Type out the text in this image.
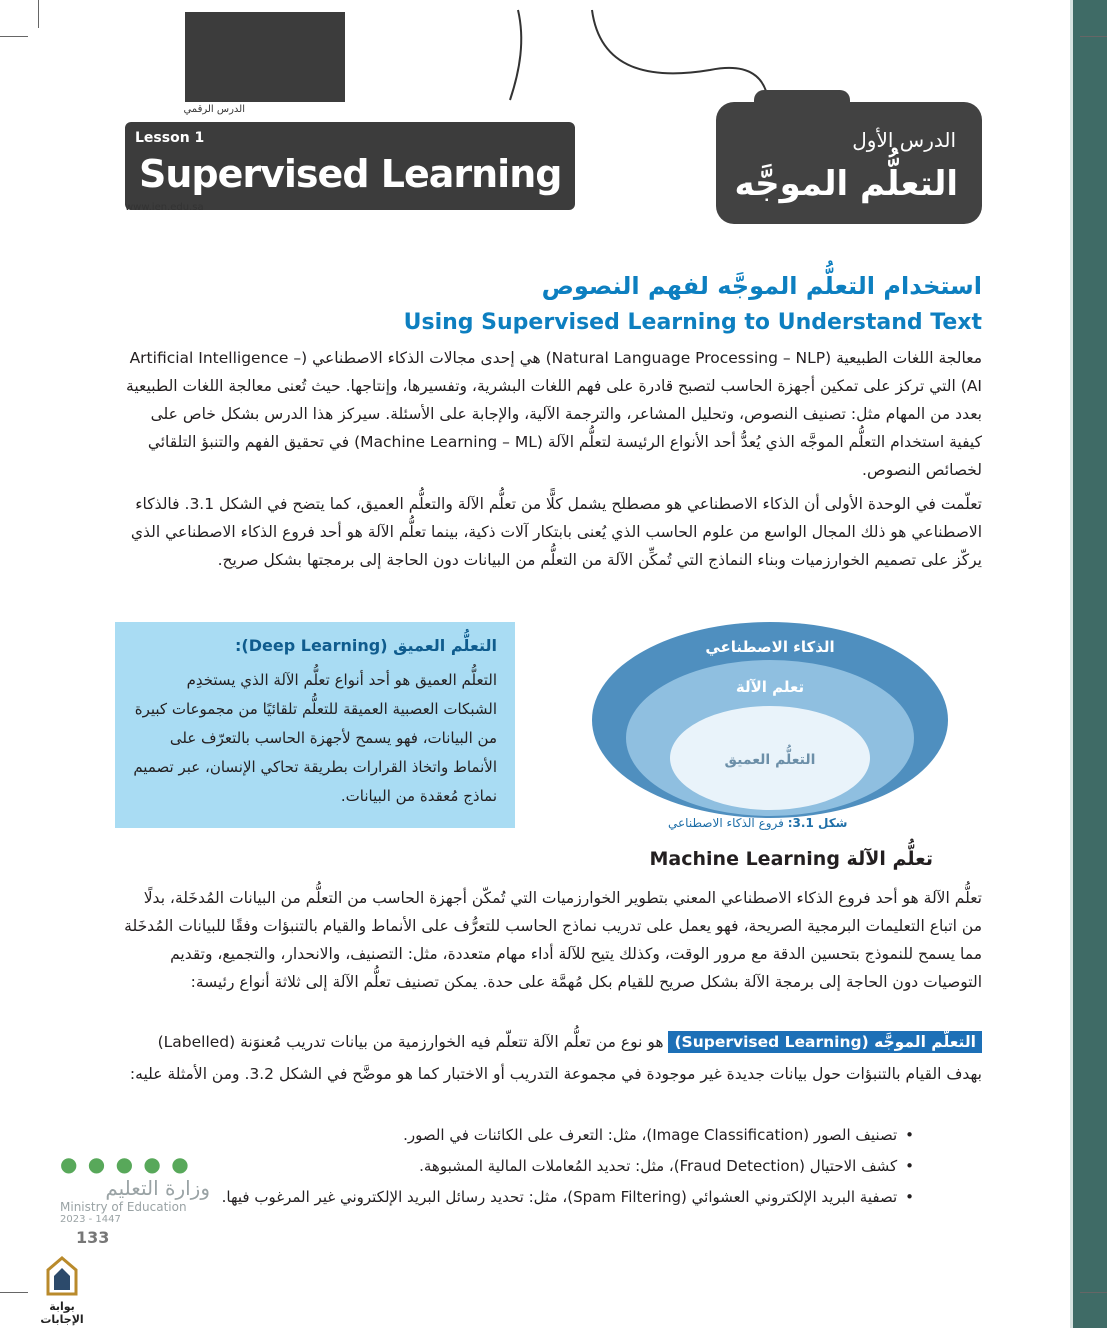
الدرس الرقمي
Lesson 1
Supervised Learning
www.ien.edu.sa
الدرس الأول
التعلُّم الموجَّه
استخدام التعلُّم الموجَّه لفهم النصوص
Using Supervised Learning to Understand Text
معالجة اللغات الطبيعية (Natural Language Processing – NLP) هي إحدى مجالات الذكاء الاصطناعي (Artificial Intelligence – AI) التي تركز على تمكين أجهزة الحاسب لتصبح قادرة على فهم اللغات البشرية، وتفسيرها، وإنتاجها. حيث تُعنى معالجة اللغات الطبيعية بعدد من المهام مثل: تصنيف النصوص، وتحليل المشاعر، والترجمة الآلية، والإجابة على الأسئلة. سيركز هذا الدرس بشكل خاص على كيفية استخدام التعلُّم الموجَّه الذي يُعدُّ أحد الأنواع الرئيسة لتعلُّم الآلة (Machine Learning – ML) في تحقيق الفهم والتنبؤ التلقائي لخصائص النصوص.
تعلّمت في الوحدة الأولى أن الذكاء الاصطناعي هو مصطلح يشمل كلًّا من تعلُّم الآلة والتعلُّم العميق، كما يتضح في الشكل 3.1. فالذكاء الاصطناعي هو ذلك المجال الواسع من علوم الحاسب الذي يُعنى بابتكار آلات ذكية، بينما تعلُّم الآلة هو أحد فروع الذكاء الاصطناعي الذي يركّز على تصميم الخوارزميات وبناء النماذج التي تُمكِّن الآلة من التعلُّم من البيانات دون الحاجة إلى برمجتها بشكل صريح.
التعلُّم العميق (Deep Learning):
التعلُّم العميق هو أحد أنواع تعلُّم الآلة الذي يستخدِم الشبكات العصبية العميقة للتعلُّم تلقائيًا من مجموعات كبيرة من البيانات، فهو يسمح لأجهزة الحاسب بالتعرّف على الأنماط واتخاذ القرارات بطريقة تحاكي الإنسان، عبر تصميم نماذج مُعقدة من البيانات.
الذكاء الاصطناعي
تعلم الآلة
التعلُّم العميق
شكل 3.1: فروع الذكاء الاصطناعي
تعلُّم الآلة Machine Learning
تعلُّم الآلة هو أحد فروع الذكاء الاصطناعي المعني بتطوير الخوارزميات التي تُمكّن أجهزة الحاسب من التعلُّم من البيانات المُدخَلة، بدلًا من اتباع التعليمات البرمجية الصريحة، فهو يعمل على تدريب نماذج الحاسب للتعرُّف على الأنماط والقيام بالتنبؤات وفقًا للبيانات المُدخَلة مما يسمح للنموذج بتحسين الدقة مع مرور الوقت، وكذلك يتيح للآلة أداء مهام متعددة، مثل: التصنيف، والانحدار، والتجميع، وتقديم التوصيات دون الحاجة إلى برمجة الآلة بشكل صريح للقيام بكل مُهمَّة على حدة. يمكن تصنيف تعلُّم الآلة إلى ثلاثة أنواع رئيسة:
التعلُّم الموجَّه (Supervised Learning) هو نوع من تعلُّم الآلة تتعلّم فيه الخوارزمية من بيانات تدريب مُعنوَنة (Labelled)
بهدف القيام بالتنبؤات حول بيانات جديدة غير موجودة في مجموعة التدريب أو الاختبار كما هو موضَّح في الشكل 3.2. ومن الأمثلة عليه:
• تصنيف الصور (Image Classification)، مثل: التعرف على الكائنات في الصور.
• كشف الاحتيال (Fraud Detection)، مثل: تحديد المُعاملات المالية المشبوهة.
• تصفية البريد الإلكتروني العشوائي (Spam Filtering)، مثل: تحديد رسائل البريد الإلكتروني غير المرغوب فيها.
● ● ● ● ●
وزارة التعليم
Ministry of Education
2023 - 1447
133
بوابة الإجابات
